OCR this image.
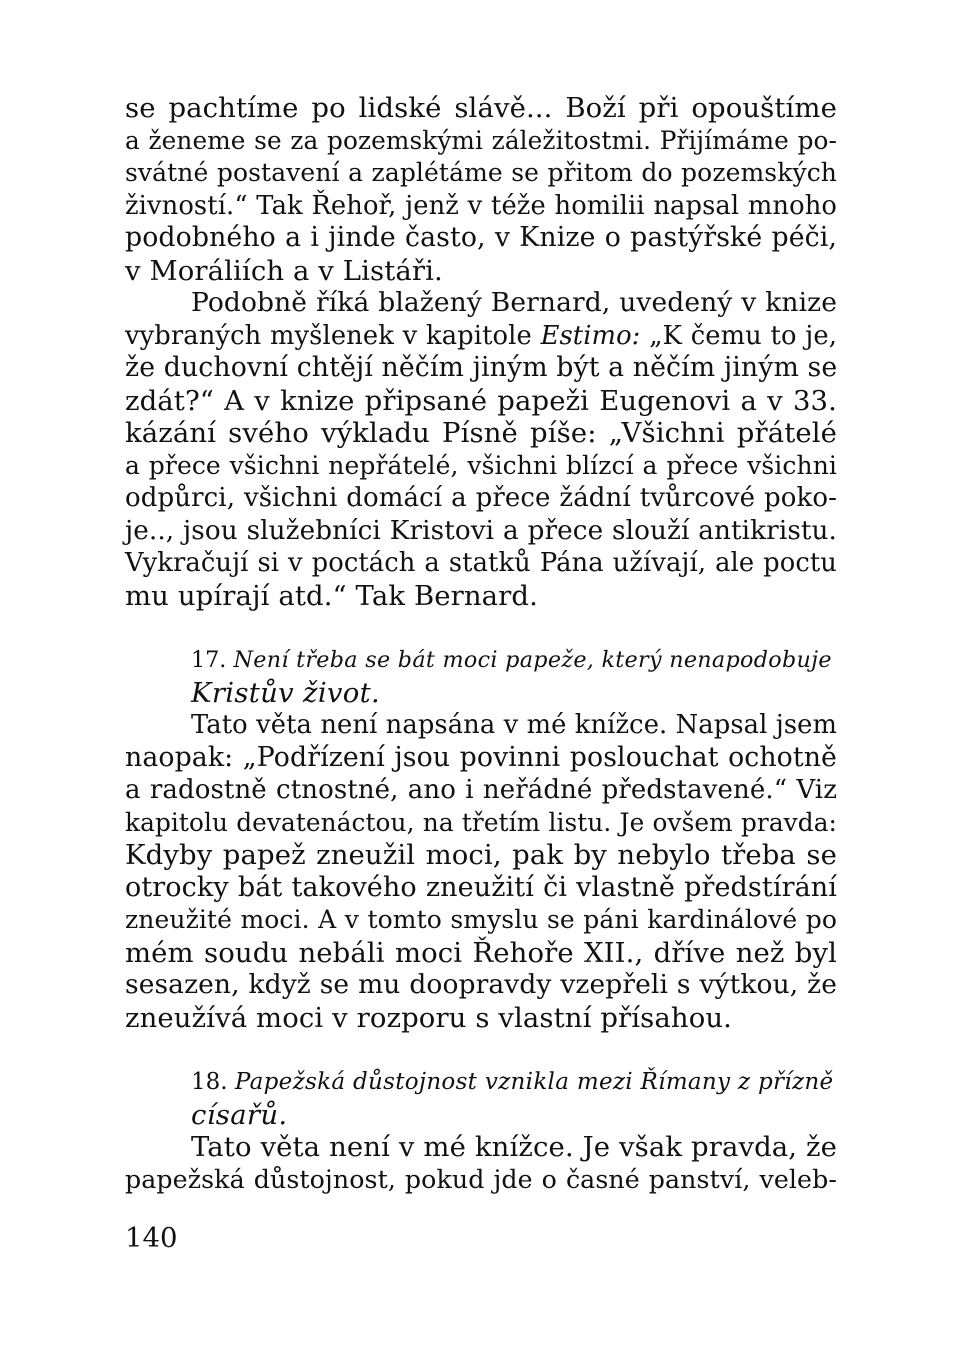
se pachtíme po lidské slávě... Boží při opouštíme
a ženeme se za pozemskými záležitostmi. Přijímáme po-
svátné postavení a zaplétáme se přitom do pozemských
živností.“ Tak Řehoř, jenž v téže homilii napsal mnoho
podobného a i jinde často, v Knize o pastýřské péči,
v Moráliích a v Listáři.
Podobně říká blažený Bernard, uvedený v knize
vybraných myšlenek v kapitole Estimo: „K čemu to je,
že duchovní chtějí něčím jiným být a něčím jiným se
zdát?“ A v knize připsané papeži Eugenovi a v 33.
kázání svého výkladu Písně píše: „Všichni přátelé
a přece všichni nepřátelé, všichni blízcí a přece všichni
odpůrci, všichni domácí a přece žádní tvůrcové poko-
je.., jsou služebníci Kristovi a přece slouží antikristu.
Vykračují si v poctách a statků Pána užívají, ale poctu
mu upírají atd.“ Tak Bernard.
17. Není třeba se bát moci papeže, který nenapodobuje
Kristův život.
Tato věta není napsána v mé knížce. Napsal jsem
naopak: „Podřízení jsou povinni poslouchat ochotně
a radostně ctnostné, ano i neřádné představené.“ Viz
kapitolu devatenáctou, na třetím listu. Je ovšem pravda:
Kdyby papež zneužil moci, pak by nebylo třeba se
otrocky bát takového zneužití či vlastně předstírání
zneužité moci. A v tomto smyslu se páni kardinálové po
mém soudu nebáli moci Řehoře XII., dříve než byl
sesazen, když se mu doopravdy vzepřeli s výtkou, že
zneužívá moci v rozporu s vlastní přísahou.
18. Papežská důstojnost vznikla mezi Římany z přízně
císařů.
Tato věta není v mé knížce. Je však pravda, že
papežská důstojnost, pokud jde o časné panství, veleb-
140
